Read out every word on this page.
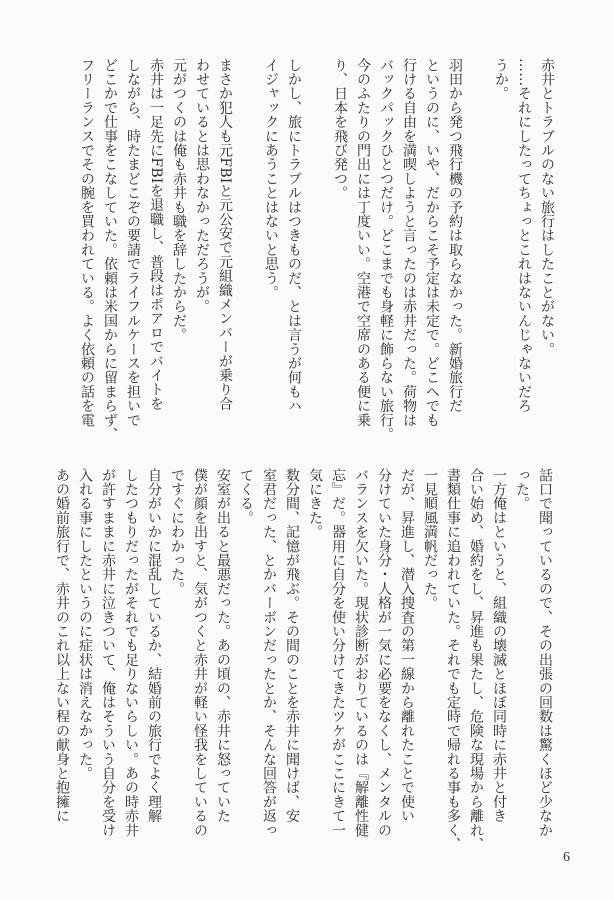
赤井とトラブルのない旅行はしたことがない。
……それにしたってちょっとこれはないんじゃないだろ
うか。
羽田から発つ飛行機の予約は取らなかった。新婚旅行だ
というのに、いや、だからこそ予定は未定で。どこへでも
行ける自由を満喫しようと言ったのは赤井だった。荷物は
バックパックひとつだけ。どこまでも身軽に飾らない旅行。
今のふたりの門出には丁度いい。空港で空席のある便に乗
り、日本を飛び発つ。
しかし、旅にトラブルはつきものだ、とは言うが何もハ
イジャックにあうことはないと思う。
まさか犯人も元FBIと元公安で元組織メンバーが乗り合
わせているとは思わなかっただろうが。
元がつくのは俺も赤井も職を辞したからだ。
赤井は一足先にFBIを退職し、普段はポアロでバイトを
しながら、時たまどこぞの要請でライフルケースを担いで
どこかで仕事をこなしていた。依頼は米国からに留まらず、
フリーランスでその腕を買われている。よく依頼の話を電
話口で聞っているので、その出張の回数は驚くほど少なか
った。
一方俺はというと、組織の壊滅とほぼ同時に赤井と付き
合い始め、婚約をし、昇進も果たし、危険な現場から離れ、
書類仕事に追われていた。それでも定時で帰れる事も多く、
一見順風満帆だった。
だが、昇進し、潜入捜査の第一線から離れたことで使い
分けていた身分・人格が一気に必要をなくし、メンタルの
バランスを欠いた。現状診断がおりているのは『解離性健
忘』だ。器用に自分を使い分けてきたツケがここにきて一
気にきた。
数分間、記憶が飛ぶ。その間のことを赤井に聞けば、安
室君だった、とかバーボンだったとか、そんな回答が返っ
てくる。
安室が出ると最悪だった。あの頃の、赤井に怒っていた
僕が顔を出すと、気がつくと赤井が軽い怪我をしているの
ですぐにわかった。
自分がいかに混乱しているか、結婚前の旅行でよく理解
したつもりだったがそれでも足りないらしい。あの時赤井
が許すままに赤井に泣きついて、俺はそういう自分を受け
入れる事にしたというのに症状は消えなかった。
あの婚前旅行で、赤井のこれ以上ない程の献身と抱擁に
6
